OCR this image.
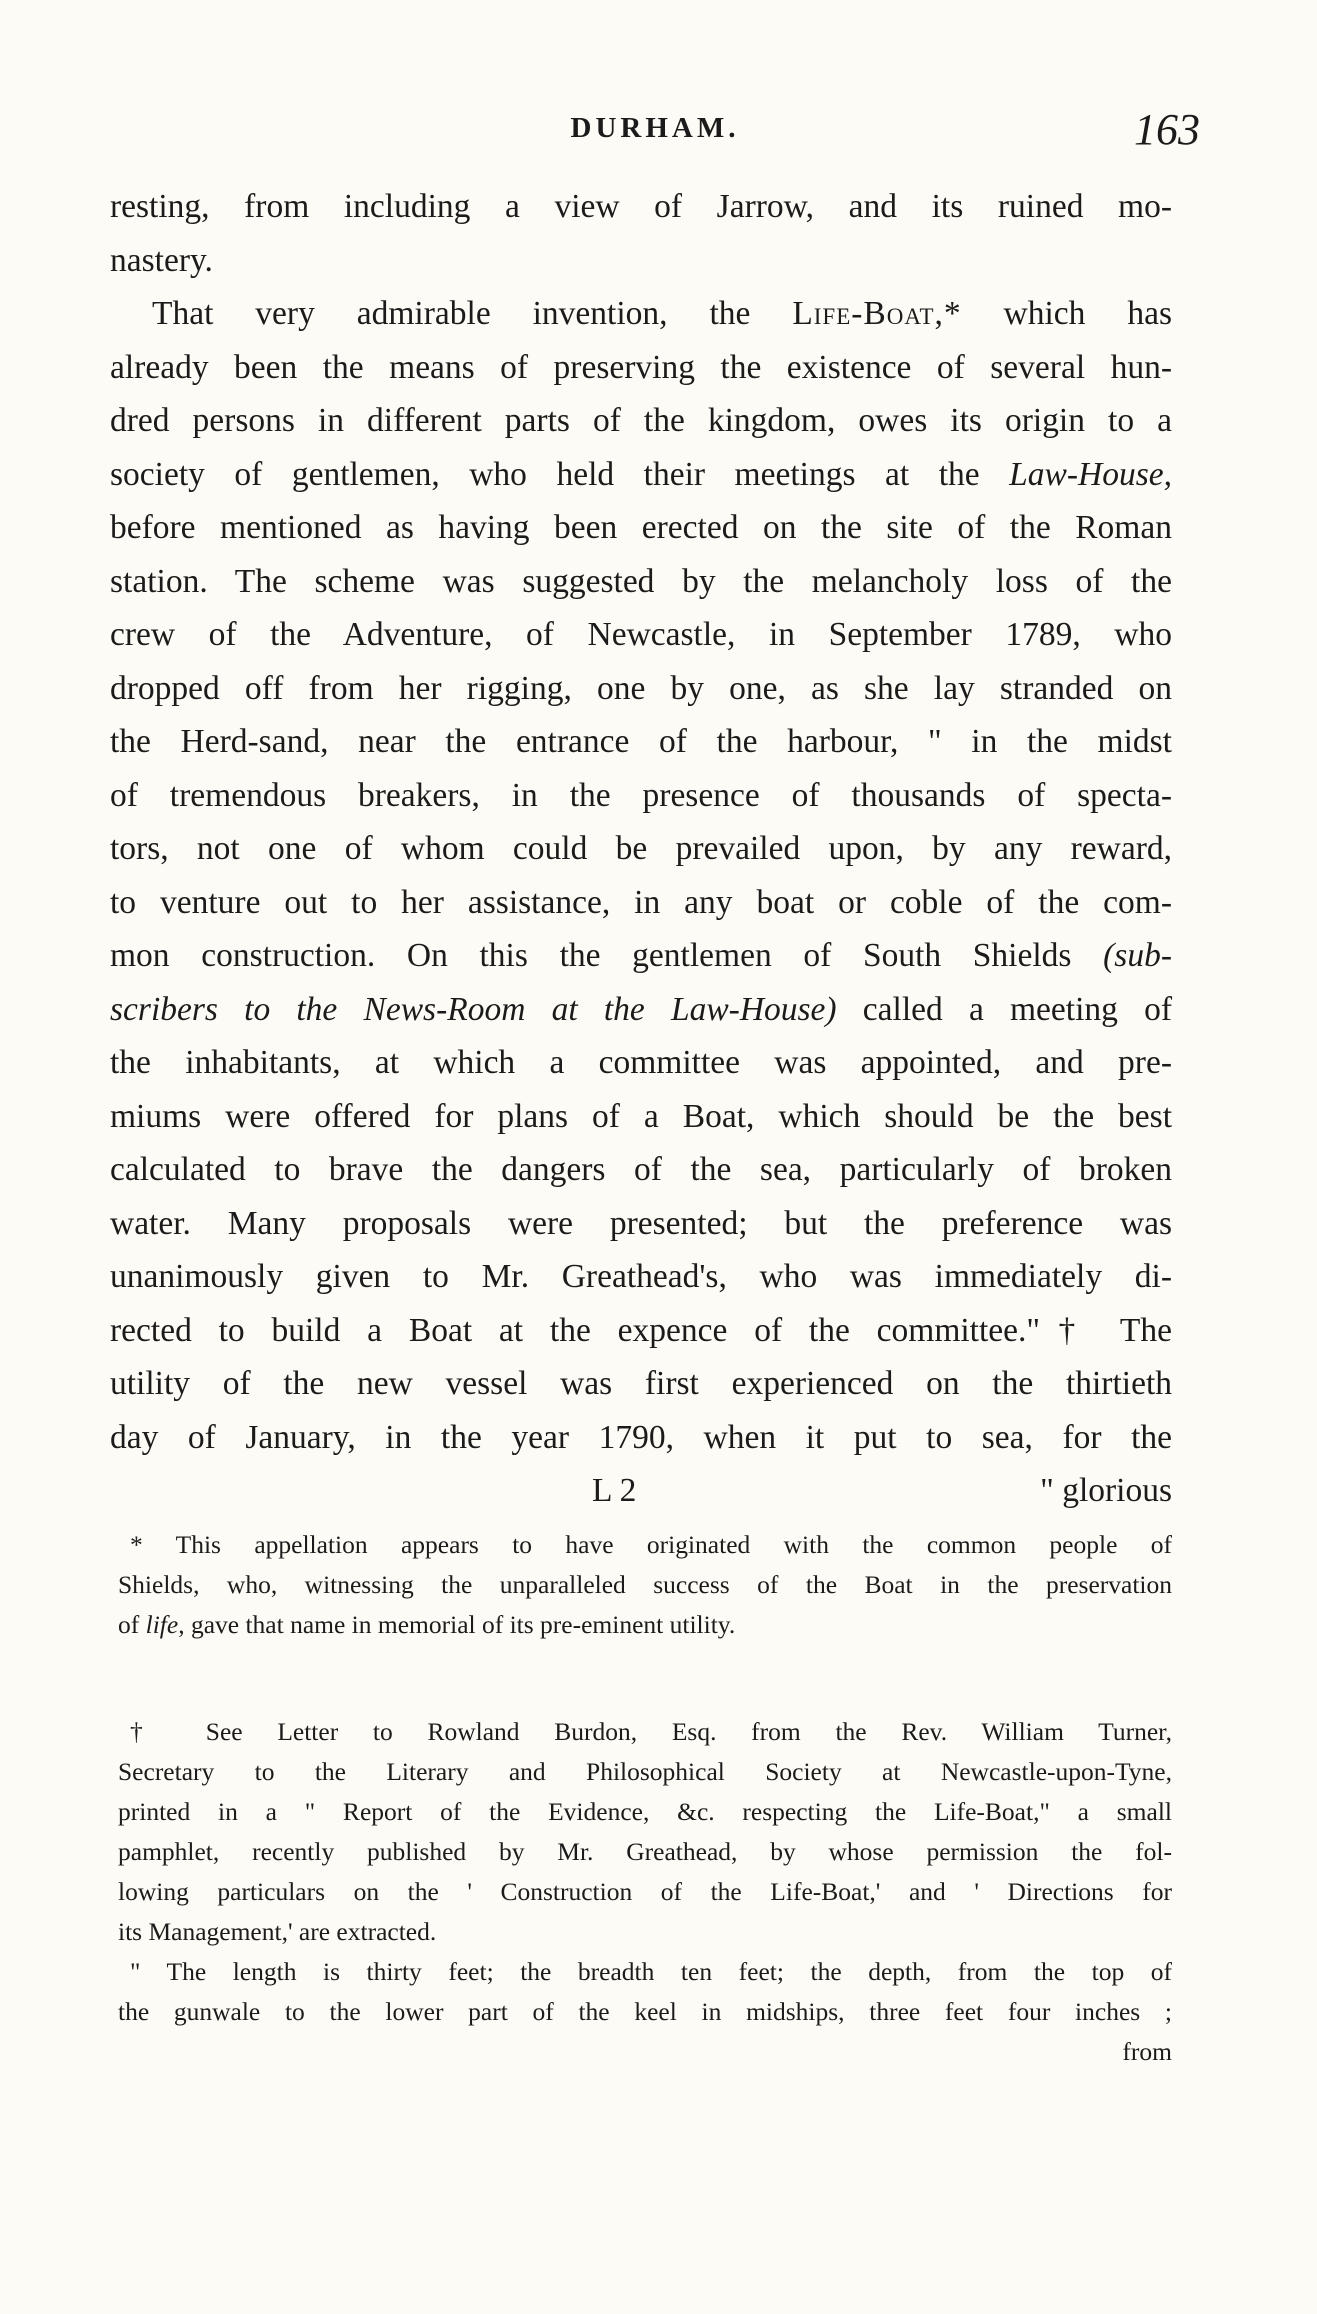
DURHAM.	163
resting, from including a view of Jarrow, and its ruined mo-
nastery.
That very admirable invention, the Life-Boat,* which has
already been the means of preserving the existence of several hun-
dred persons in different parts of the kingdom, owes its origin to a
society of gentlemen, who held their meetings at the Law-House,
before mentioned as having been erected on the site of the Roman
station. The scheme was suggested by the melancholy loss of the
crew of the Adventure, of Newcastle, in September 1789, who
dropped off from her rigging, one by one, as she lay stranded on
the Herd-sand, near the entrance of the harbour, " in the midst
of tremendous breakers, in the presence of thousands of specta-
tors, not one of whom could be prevailed upon, by any reward,
to venture out to her assistance, in any boat or coble of the com-
mon construction. On this the gentlemen of South Shields (sub-
scribers to the News-Room at the Law-House) called a meeting of
the inhabitants, at which a committee was appointed, and pre-
miums were offered for plans of a Boat, which should be the best
calculated to brave the dangers of the sea, particularly of broken
water. Many proposals were presented; but the preference was
unanimously given to Mr. Greathead's, who was immediately di-
rected to build a Boat at the expence of the committee."† The
utility of the new vessel was first experienced on the thirtieth
day of January, in the year 1790, when it put to sea, for the
L 2	" glorious
* This appellation appears to have originated with the common people of
Shields, who, witnessing the unparalleled success of the Boat in the preservation
of life, gave that name in memorial of its pre-eminent utility.
† See Letter to Rowland Burdon, Esq. from the Rev. William Turner,
Secretary to the Literary and Philosophical Society at Newcastle-upon-Tyne,
printed in a " Report of the Evidence, &c. respecting the Life-Boat," a small
pamphlet, recently published by Mr. Greathead, by whose permission the fol-
lowing particulars on the ' Construction of the Life-Boat,' and ' Directions for
its Management,' are extracted.
" The length is thirty feet; the breadth ten feet; the depth, from the top of
the gunwale to the lower part of the keel in midships, three feet four inches ;
from
